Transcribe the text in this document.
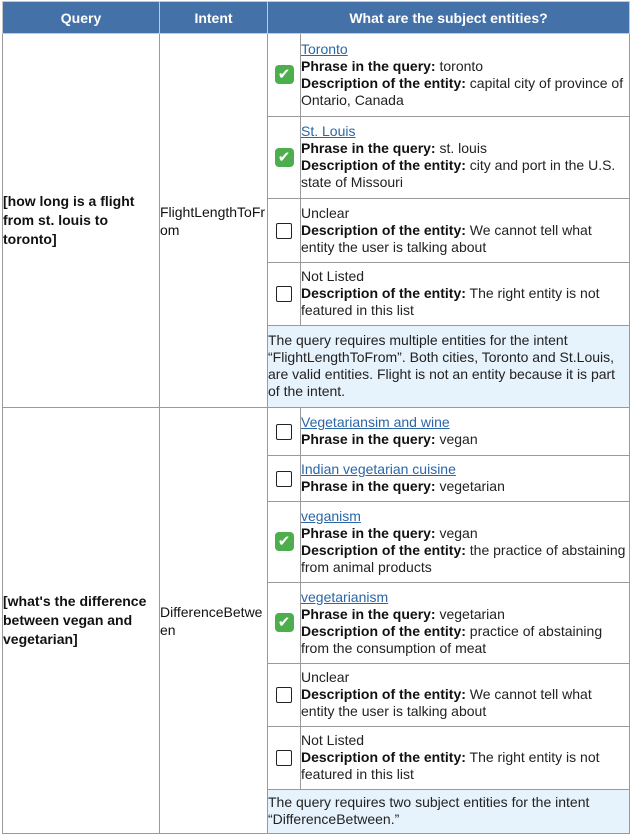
Query	Intent	What are the subject entities?
[how long is a flight from st. louis to toronto]	FlightLengthToFrom	
✔	
Toronto
Phrase in the query: toronto
Description of the entity: capital city of province of Ontario, Canada

✔	
St. Louis
Phrase in the query: st. louis
Description of the entity: city and port in the U.S. state of Missouri

Unclear
Description of the entity: We cannot tell what entity the user is talking about

Not Listed
Description of the entity: The right entity is not featured in this list

The query requires multiple entities for the intent “FlightLengthToFrom”. Both cities, Toronto and St.Louis, are valid entities. Flight is not an entity because it is part of the intent.

[what's the difference between vegan and vegetarian]	DifferenceBetween	

Vegetariansim and wine
Phrase in the query: vegan

Indian vegetarian cuisine
Phrase in the query: vegetarian

✔	
veganism
Phrase in the query: vegan
Description of the entity: the practice of abstaining from animal products

✔	
vegetarianism
Phrase in the query: vegetarian
Description of the entity: practice of abstaining from the consumption of meat

Unclear
Description of the entity: We cannot tell what entity the user is talking about

Not Listed
Description of the entity: The right entity is not featured in this list

The query requires two subject entities for the intent “DifferenceBetween.”
